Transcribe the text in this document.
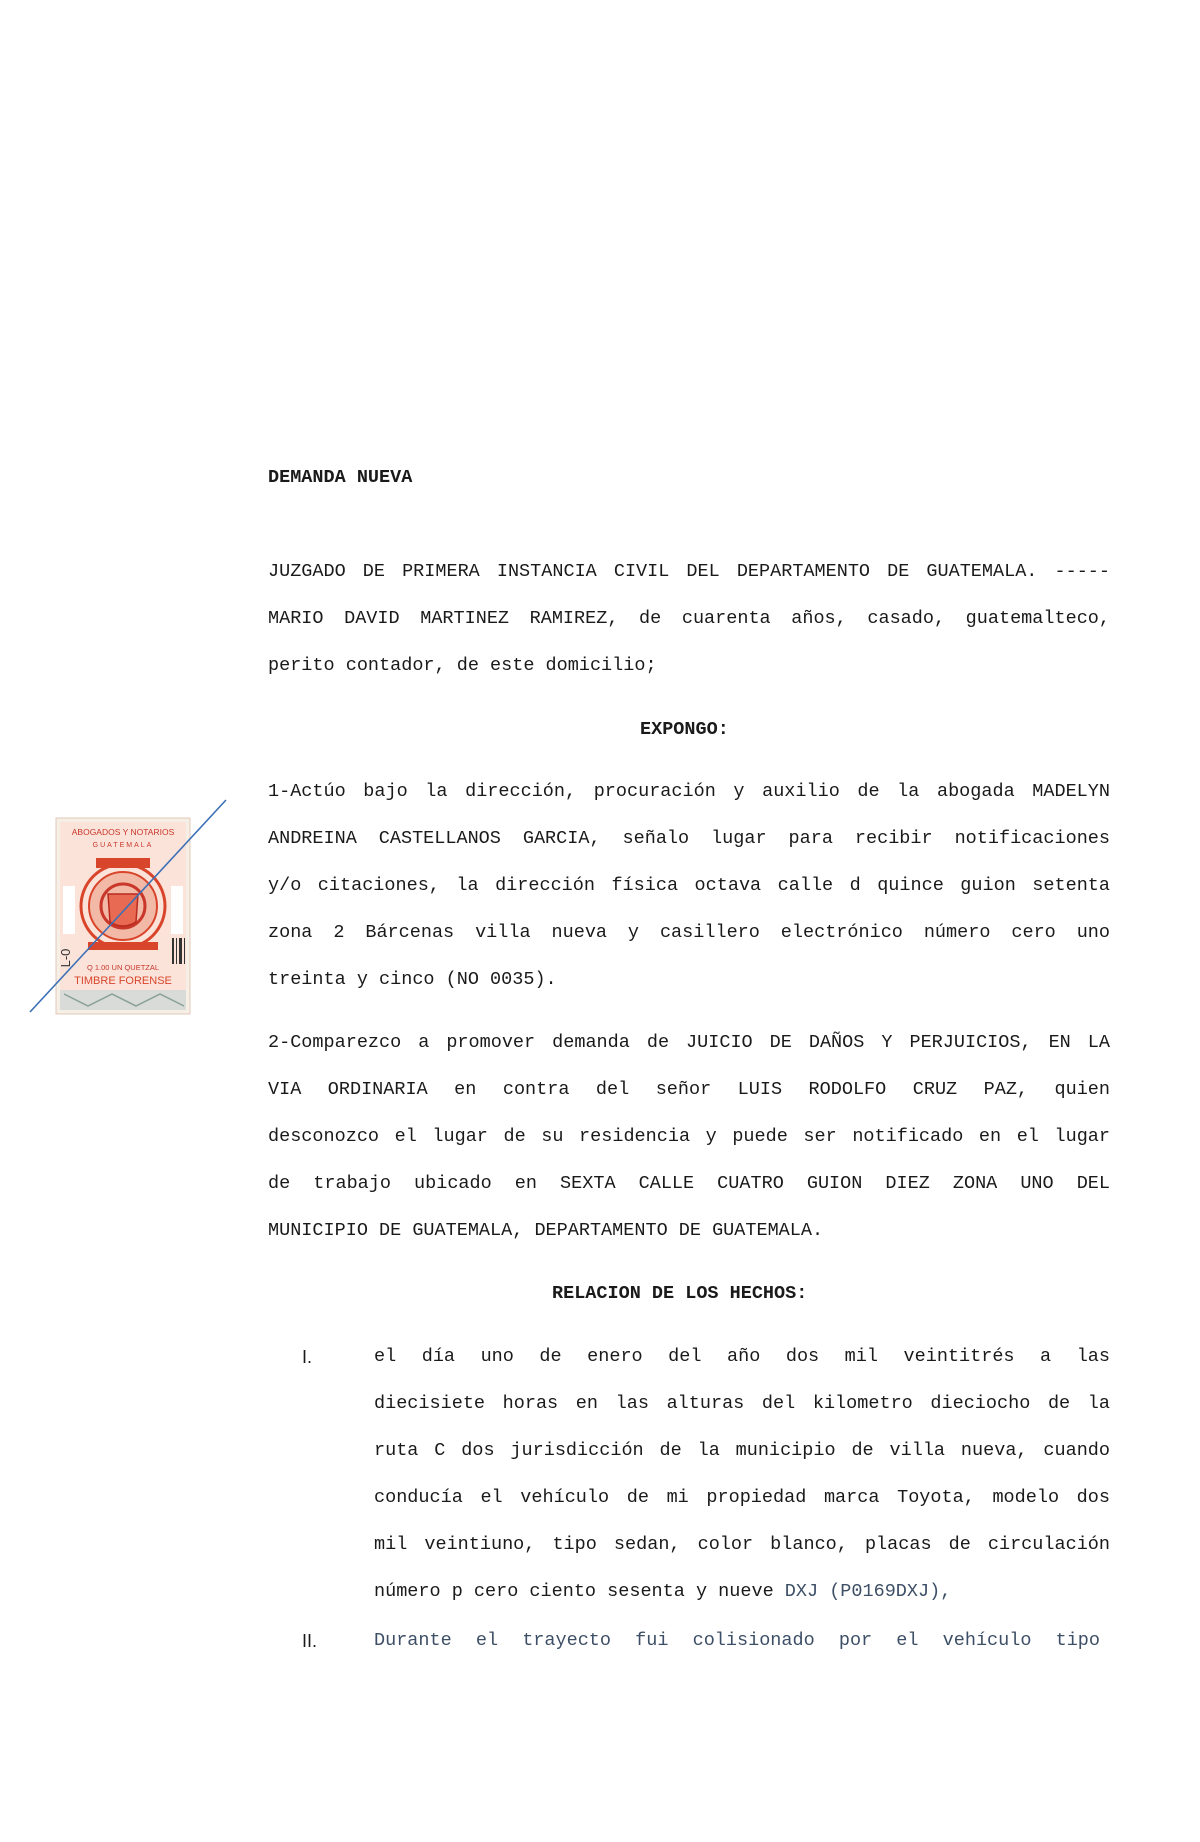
DEMANDA NUEVA
JUZGADO DE PRIMERA INSTANCIA CIVIL DEL DEPARTAMENTO DE GUATEMALA. -----
MARIO DAVID MARTINEZ RAMIREZ, de cuarenta años, casado, guatemalteco,
perito contador, de este domicilio;
EXPONGO:
1-Actúo bajo la dirección, procuración y auxilio de la abogada MADELYN
ANDREINA CASTELLANOS GARCIA, señalo lugar para recibir notificaciones
y/o citaciones, la dirección física octava calle d quince guion setenta
zona 2 Bárcenas villa nueva y casillero electrónico número cero uno
treinta y cinco (NO 0035).
2-Comparezco a promover demanda de JUICIO DE DAÑOS Y PERJUICIOS, EN LA
VIA ORDINARIA en contra del señor LUIS RODOLFO CRUZ PAZ, quien
desconozco el lugar de su residencia y puede ser notificado en el lugar
de trabajo ubicado en SEXTA CALLE CUATRO GUION DIEZ ZONA UNO DEL
MUNICIPIO DE GUATEMALA, DEPARTAMENTO DE GUATEMALA.
RELACION DE LOS HECHOS:
I.	el día uno de enero del año dos mil veintitrés a las
diecisiete horas en las alturas del kilometro dieciocho de la
ruta C dos jurisdicción de la municipio de villa nueva, cuando
conducía el vehículo de mi propiedad marca Toyota, modelo dos
mil veintiuno, tipo sedan, color blanco, placas de circulación
número p cero ciento sesenta y nueve DXJ (P0169DXJ),
II.	Durante el trayecto fui colisionado por el vehículo tipo
ABOGADOS Y NOTARIOS
GUATEMALA
L-0
Q 1.00 UN QUETZAL
TIMBRE FORENSE
